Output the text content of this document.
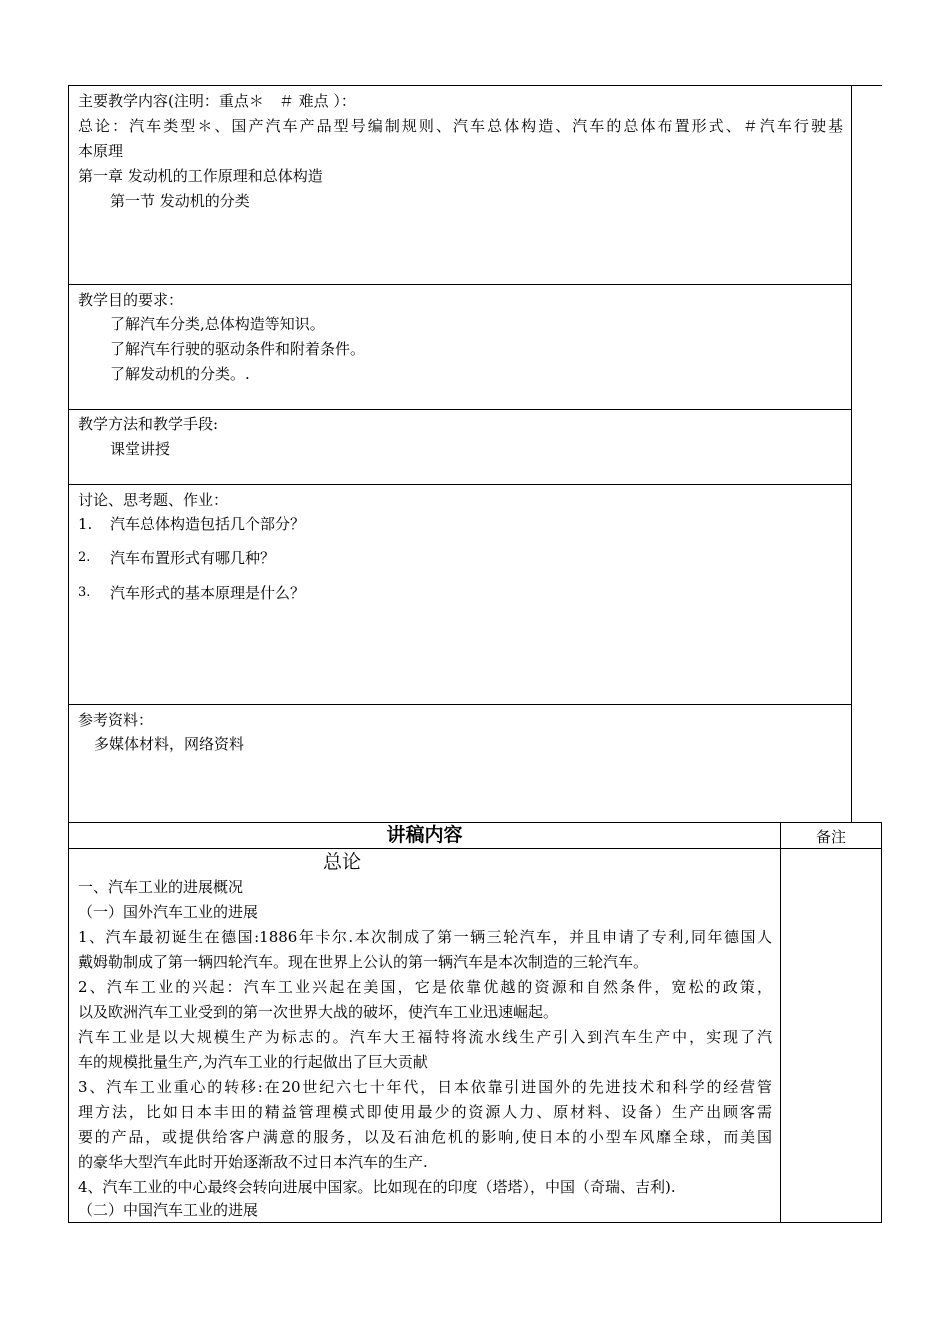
主要教学内容(注明：重点＊　＃ 难点 ）：
总论：汽车类型＊、国产汽车产品型号编制规则、汽车总体构造、汽车的总体布置形式、＃汽车行驶基
本原理
第一章 发动机的工作原理和总体构造
第一节 发动机的分类
教学目的要求：
了解汽车分类,总体构造等知识。
了解汽车行驶的驱动条件和附着条件。
了解发动机的分类。.
教学方法和教学手段:
课堂讲授
讨论、思考题、作业：
1. 汽车总体构造包括几个部分？
2. 汽车布置形式有哪几种？
3. 汽车形式的基本原理是什么？
参考资料：
多媒体材料，网络资料
讲稿内容	备注
总论
一、汽车工业的进展概况
（一）国外汽车工业的进展
1、汽车最初诞生在德国:1886年卡尔.本次制成了第一辆三轮汽车，并且申请了专利,同年德国人
戴姆勒制成了第一辆四轮汽车。现在世界上公认的第一辆汽车是本次制造的三轮汽车。
2、汽车工业的兴起：汽车工业兴起在美国，它是依靠优越的资源和自然条件，宽松的政策，
以及欧洲汽车工业受到的第一次世界大战的破坏，使汽车工业迅速崛起。
汽车工业是以大规模生产为标志的。汽车大王福特将流水线生产引入到汽车生产中，实现了汽
车的规模批量生产,为汽车工业的行起做出了巨大贡献
3、汽车工业重心的转移:在20世纪六七十年代，日本依靠引进国外的先进技术和科学的经营管
理方法，比如日本丰田的精益管理模式即使用最少的资源人力、原材料、设备）生产出顾客需
要的产品，或提供给客户满意的服务，以及石油危机的影响,使日本的小型车风靡全球，而美国
的豪华大型汽车此时开始逐渐敌不过日本汽车的生产.
4、汽车工业的中心最终会转向进展中国家。比如现在的印度（塔塔），中国（奇瑞、吉利).
（二）中国汽车工业的进展
